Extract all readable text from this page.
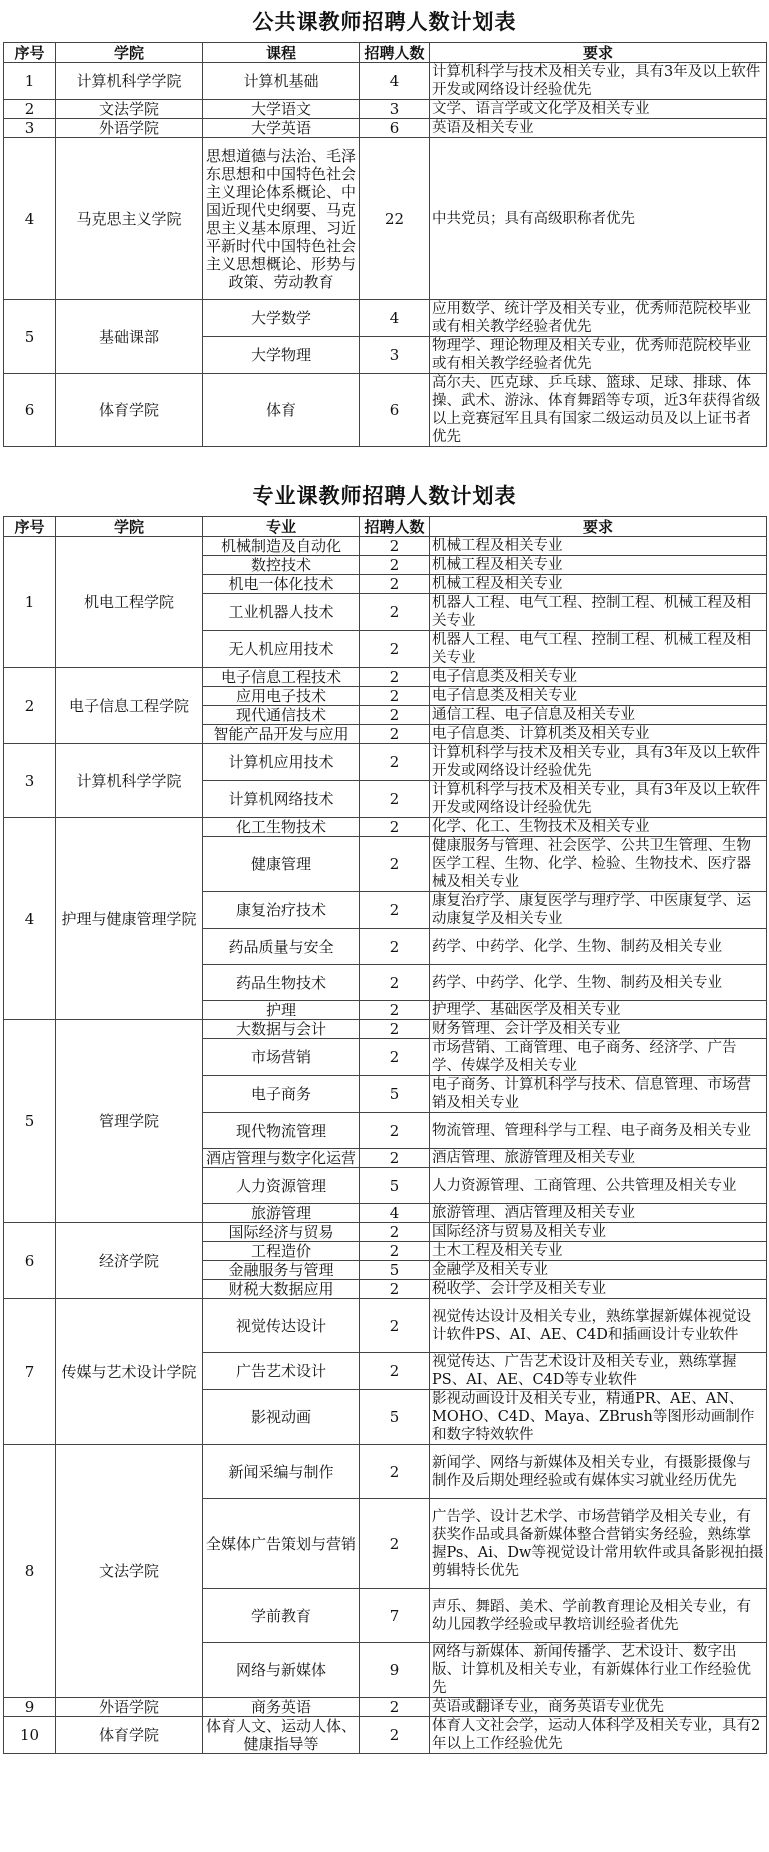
公共课教师招聘人数计划表
序号	学院	课程	招聘人数	要求
1	计算机科学学院	计算机基础	4	计算机科学与技术及相关专业，具有3年及以上软件开发或网络设计经验优先
2	文法学院	大学语文	3	文学、语言学或文化学及相关专业
3	外语学院	大学英语	6	英语及相关专业
4	马克思主义学院	思想道德与法治、毛泽东思想和中国特色社会主义理论体系概论、中国近现代史纲要、马克思主义基本原理、习近平新时代中国特色社会主义思想概论、形势与政策、劳动教育	22	中共党员；具有高级职称者优先
5	基础课部	大学数学	4	应用数学、统计学及相关专业，优秀师范院校毕业或有相关教学经验者优先
		大学物理	3	物理学、理论物理及相关专业，优秀师范院校毕业或有相关教学经验者优先
6	体育学院	体育	6	高尔夫、匹克球、乒乓球、篮球、足球、排球、体操、武术、游泳、体育舞蹈等专项，近3年获得省级以上竞赛冠军且具有国家二级运动员及以上证书者优先
专业课教师招聘人数计划表
序号	学院	专业	招聘人数	要求
1	机电工程学院	机械制造及自动化	2	机械工程及相关专业
		数控技术	2	机械工程及相关专业
		机电一体化技术	2	机械工程及相关专业
		工业机器人技术	2	机器人工程、电气工程、控制工程、机械工程及相关专业
		无人机应用技术	2	机器人工程、电气工程、控制工程、机械工程及相关专业
2	电子信息工程学院	电子信息工程技术	2	电子信息类及相关专业
		应用电子技术	2	电子信息类及相关专业
		现代通信技术	2	通信工程、电子信息及相关专业
		智能产品开发与应用	2	电子信息类、计算机类及相关专业
3	计算机科学学院	计算机应用技术	2	计算机科学与技术及相关专业，具有3年及以上软件开发或网络设计经验优先
		计算机网络技术	2	计算机科学与技术及相关专业，具有3年及以上软件开发或网络设计经验优先
4	护理与健康管理学院	化工生物技术	2	化学、化工、生物技术及相关专业
		健康管理	2	健康服务与管理、社会医学、公共卫生管理、生物医学工程、生物、化学、检验、生物技术、医疗器械及相关专业
		康复治疗技术	2	康复治疗学、康复医学与理疗学、中医康复学、运动康复学及相关专业
		药品质量与安全	2	药学、中药学、化学、生物、制药及相关专业
		药品生物技术	2	药学、中药学、化学、生物、制药及相关专业
		护理	2	护理学、基础医学及相关专业
5	管理学院	大数据与会计	2	财务管理、会计学及相关专业
		市场营销	2	市场营销、工商管理、电子商务、经济学、广告学、传媒学及相关专业
		电子商务	5	电子商务、计算机科学与技术、信息管理、市场营销及相关专业
		现代物流管理	2	物流管理、管理科学与工程、电子商务及相关专业
		酒店管理与数字化运营	2	酒店管理、旅游管理及相关专业
		人力资源管理	5	人力资源管理、工商管理、公共管理及相关专业
		旅游管理	4	旅游管理、酒店管理及相关专业
6	经济学院	国际经济与贸易	2	国际经济与贸易及相关专业
		工程造价	2	土木工程及相关专业
		金融服务与管理	5	金融学及相关专业
		财税大数据应用	2	税收学、会计学及相关专业
7	传媒与艺术设计学院	视觉传达设计	2	视觉传达设计及相关专业，熟练掌握新媒体视觉设计软件PS、AI、AE、C4D和插画设计专业软件
		广告艺术设计	2	视觉传达、广告艺术设计及相关专业，熟练掌握PS、AI、AE、C4D等专业软件
		影视动画	5	影视动画设计及相关专业，精通PR、AE、AN、MOHO、C4D、Maya、ZBrush等图形动画制作和数字特效软件
8	文法学院	新闻采编与制作	2	新闻学、网络与新媒体及相关专业，有摄影摄像与制作及后期处理经验或有媒体实习就业经历优先
		全媒体广告策划与营销	2	广告学、设计艺术学、市场营销学及相关专业，有获奖作品或具备新媒体整合营销实务经验，熟练掌握Ps、Ai、Dw等视觉设计常用软件或具备影视拍摄剪辑特长优先
		学前教育	7	声乐、舞蹈、美术、学前教育理论及相关专业，有幼儿园教学经验或早教培训经验者优先
		网络与新媒体	9	网络与新媒体、新闻传播学、艺术设计、数字出版、计算机及相关专业，有新媒体行业工作经验优先
9	外语学院	商务英语	2	英语或翻译专业，商务英语专业优先
10	体育学院	体育人文、运动人体、健康指导等	2	体育人文社会学，运动人体科学及相关专业，具有2年以上工作经验优先
